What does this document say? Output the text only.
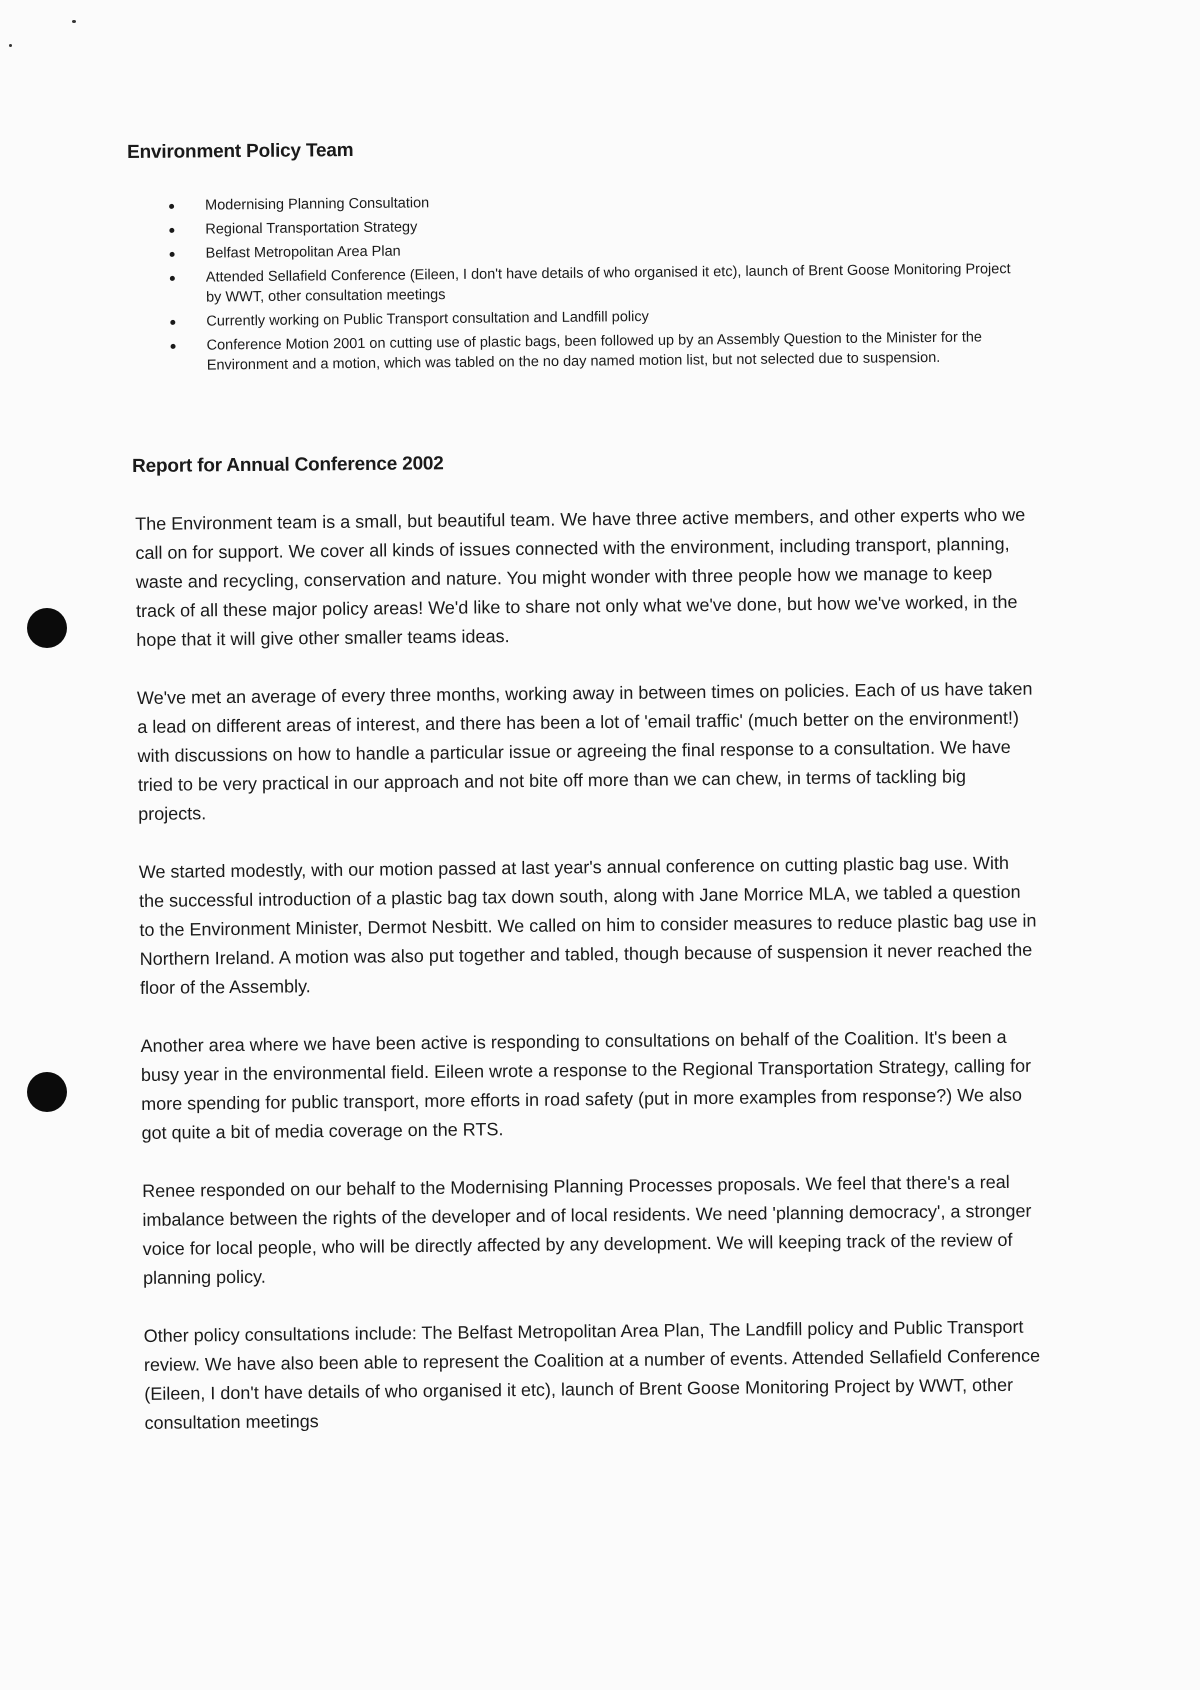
Environment Policy Team
Modernising Planning Consultation
Regional Transportation Strategy
Belfast Metropolitan Area Plan
Attended Sellafield Conference (Eileen, I don't have details of who organised it etc), launch of Brent Goose Monitoring Project by WWT, other consultation meetings
Currently working on Public Transport consultation and Landfill policy
Conference Motion 2001 on cutting use of plastic bags, been followed up by an Assembly Question to the Minister for the Environment and a motion, which was tabled on the no day named motion list, but not selected due to suspension.
Report for Annual Conference 2002

The Environment team is a small, but beautiful team. We have three active members, and other experts who we call on for support. We cover all kinds of issues connected with the environment, including transport, planning, waste and recycling, conservation and nature. You might wonder with three people how we manage to keep track of all these major policy areas! We'd like to share not only what we've done, but how we've worked, in the hope that it will give other smaller teams ideas.

We've met an average of every three months, working away in between times on policies. Each of us have taken a lead on different areas of interest, and there has been a lot of 'email traffic' (much better on the environment!) with discussions on how to handle a particular issue or agreeing the final response to a consultation. We have tried to be very practical in our approach and not bite off more than we can chew, in terms of tackling big projects.

We started modestly, with our motion passed at last year's annual conference on cutting plastic bag use. With the successful introduction of a plastic bag tax down south, along with Jane Morrice MLA, we tabled a question to the Environment Minister, Dermot Nesbitt. We called on him to consider measures to reduce plastic bag use in Northern Ireland. A motion was also put together and tabled, though because of suspension it never reached the floor of the Assembly.

Another area where we have been active is responding to consultations on behalf of the Coalition. It's been a busy year in the environmental field. Eileen wrote a response to the Regional Transportation Strategy, calling for more spending for public transport, more efforts in road safety (put in more examples from response?) We also got quite a bit of media coverage on the RTS.

Renee responded on our behalf to the Modernising Planning Processes proposals. We feel that there's a real imbalance between the rights of the developer and of local residents. We need 'planning democracy', a stronger voice for local people, who will be directly affected by any development. We will keeping track of the review of planning policy.

Other policy consultations include: The Belfast Metropolitan Area Plan, The Landfill policy and Public Transport review. We have also been able to represent the Coalition at a number of events. Attended Sellafield Conference (Eileen, I don't have details of who organised it etc), launch of Brent Goose Monitoring Project by WWT, other consultation meetings
